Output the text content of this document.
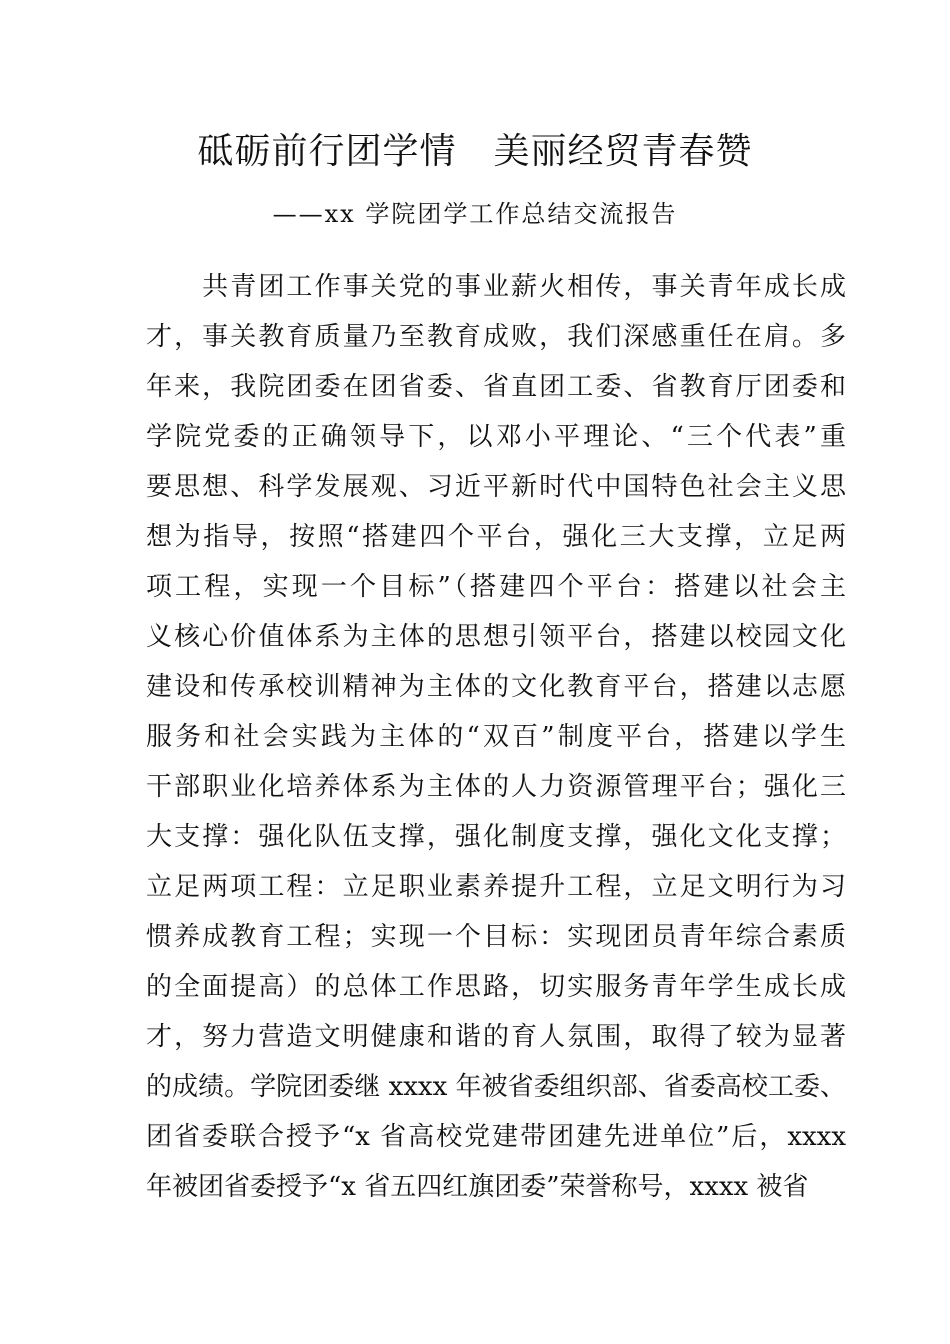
砥砺前行团学情　美丽经贸青春赞
——xx 学院团学工作总结交流报告
　　共青团工作事关党的事业薪火相传，事关青年成长成
才，事关教育质量乃至教育成败，我们深感重任在肩。多
年来，我院团委在团省委、省直团工委、省教育厅团委和
学院党委的正确领导下，以邓小平理论、“三个代表”重
要思想、科学发展观、习近平新时代中国特色社会主义思
想为指导，按照“搭建四个平台，强化三大支撑，立足两
项工程，实现一个目标”（搭建四个平台：搭建以社会主
义核心价值体系为主体的思想引领平台，搭建以校园文化
建设和传承校训精神为主体的文化教育平台，搭建以志愿
服务和社会实践为主体的“双百”制度平台，搭建以学生
干部职业化培养体系为主体的人力资源管理平台；强化三
大支撑：强化队伍支撑，强化制度支撑，强化文化支撑；
立足两项工程：立足职业素养提升工程，立足文明行为习
惯养成教育工程；实现一个目标：实现团员青年综合素质
的全面提高）的总体工作思路，切实服务青年学生成长成
才，努力营造文明健康和谐的育人氛围，取得了较为显著
的成绩。学院团委继 xxxx 年被省委组织部、省委高校工委、
团省委联合授予“x 省高校党建带团建先进单位”后，xxxx
年被团省委授予“x 省五四红旗团委”荣誉称号，xxxx 被省
